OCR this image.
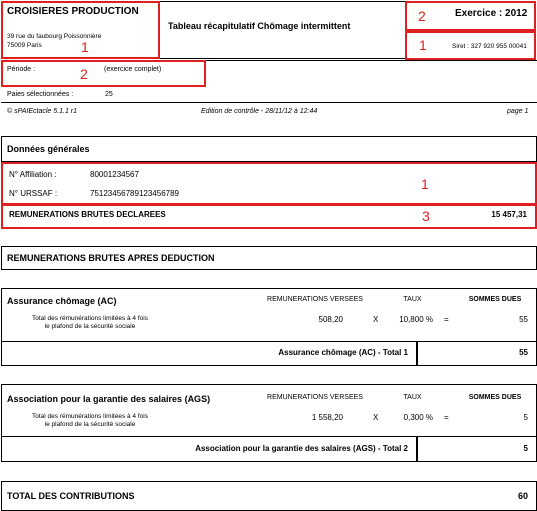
CROISIERES PRODUCTION
39 rue du faubourg Poissonnière
75009 Paris	1
Tableau récapitulatif Chômage intermittent
Exercice : 2012
2
Siret : 327 920 955 00041
1
Période :	(exercice complet)
2
Paies sélectionnées :	25
© sPAIEctacle 5.1.1 r1	Edition de contrôle - 28/11/12 à 12:44	page 1
Données générales
N° Affiliation :	80001234567
N° URSSAF :	75123456789123456789
1
REMUNERATIONS BRUTES DECLAREES	15 457,31
3
REMUNERATIONS BRUTES APRES DEDUCTION
Assurance chômage (AC)	REMUNERATIONS VERSEES	TAUX	SOMMES DUES
Total des rémunérations limitées à 4 fois
le plafond de la sécurité sociale
508,20	X	10,800 % =	55
Assurance chômage (AC) - Total 1	55
Association pour la garantie des salaires (AGS)	REMUNERATIONS VERSEES	TAUX	SOMMES DUES
Total des rémunérations limitées à 4 fois
le plafond de la sécurité sociale
1 558,20	X	0,300 % =	5
Association pour la garantie des salaires (AGS) - Total 2	5
TOTAL DES CONTRIBUTIONS	60
